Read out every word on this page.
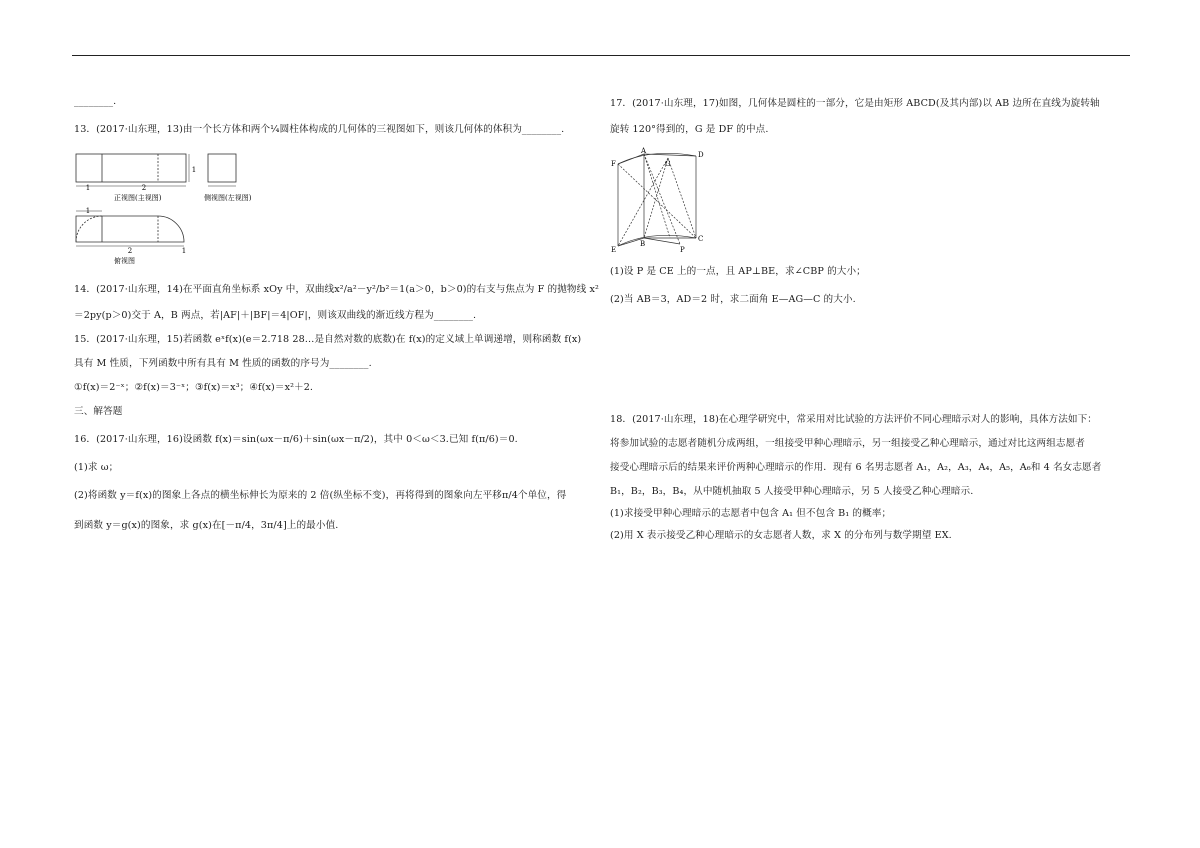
________.
13．(2017·山东理，13)由一个长方体和两个¼圆柱体构成的几何体的三视图如下，则该几何体的体积为________.
1	2
1
正视图(主视图)	侧视图(左视图)
1
2	1
俯视图
14．(2017·山东理，14)在平面直角坐标系 xOy 中，双曲线x²/a²－y²/b²＝1(a＞0，b＞0)的右支与焦点为 F 的抛物线 x²
＝2py(p＞0)交于 A，B 两点，若|AF|＋|BF|＝4|OF|，则该双曲线的渐近线方程为________.
15．(2017·山东理，15)若函数 eˣf(x)(e＝2.718 28…是自然对数的底数)在 f(x)的定义域上单调递增，则称函数 f(x)
具有 M 性质，下列函数中所有具有 M 性质的函数的序号为________.
①f(x)＝2⁻ˣ；②f(x)＝3⁻ˣ；③f(x)＝x³；④f(x)＝x²＋2.
三、解答题
16．(2017·山东理，16)设函数 f(x)＝sin(ωx－π/6)＋sin(ωx－π/2)，其中 0＜ω＜3.已知 f(π/6)＝0.
(1)求 ω；
(2)将函数 y＝f(x)的图象上各点的横坐标伸长为原来的 2 倍(纵坐标不变)，再将得到的图象向左平移π/4个单位，得
到函数 y＝g(x)的图象，求 g(x)在[－π/4，3π/4]上的最小值.
17．(2017·山东理，17)如图，几何体是圆柱的一部分，它是由矩形 ABCD(及其内部)以 AB 边所在直线为旋转轴
旋转 120°得到的，G 是 DF 的中点.
A	D
F	G
E
B
C
P
(1)设 P 是 CE 上的一点，且 AP⊥BE，求∠CBP 的大小；
(2)当 AB＝3，AD＝2 时，求二面角 E—AG—C 的大小.
18．(2017·山东理，18)在心理学研究中，常采用对比试验的方法评价不同心理暗示对人的影响，具体方法如下：
将参加试验的志愿者随机分成两组，一组接受甲种心理暗示，另一组接受乙种心理暗示，通过对比这两组志愿者
接受心理暗示后的结果来评价两种心理暗示的作用．现有 6 名男志愿者 A₁，A₂，A₃，A₄，A₅，A₆和 4 名女志愿者
B₁，B₂，B₃，B₄，从中随机抽取 5 人接受甲种心理暗示，另 5 人接受乙种心理暗示.
(1)求接受甲种心理暗示的志愿者中包含 A₁ 但不包含 B₁ 的概率；
(2)用 X 表示接受乙种心理暗示的女志愿者人数，求 X 的分布列与数学期望 EX.
